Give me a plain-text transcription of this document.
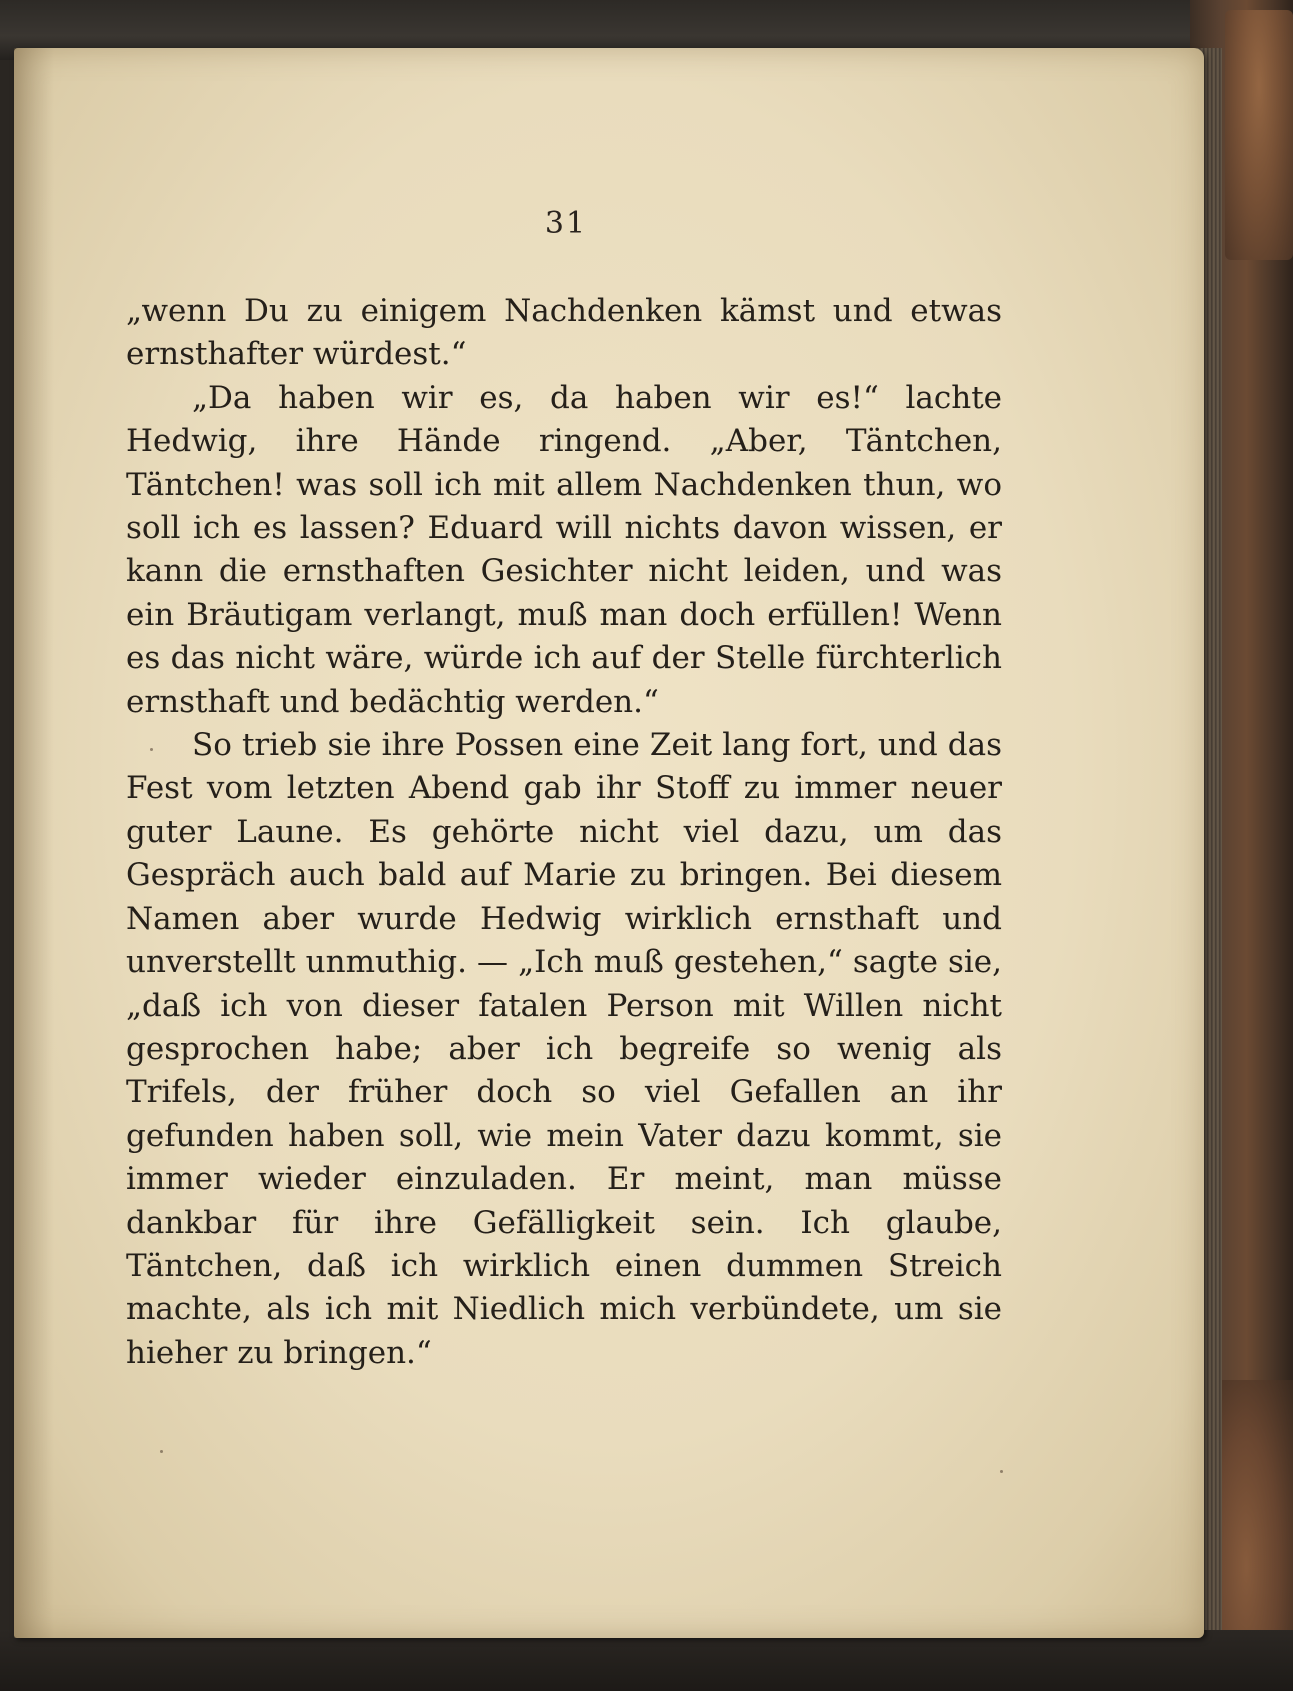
31

„wenn Du zu einigem Nachdenken kämst und etwas ernsthafter würdest.“

„Da haben wir es, da haben wir es!“ lachte Hedwig, ihre Hände ringend. „Aber, Täntchen, Täntchen! was soll ich mit allem Nachdenken thun, wo soll ich es lassen? Eduard will nichts davon wissen, er kann die ernsthaften Gesichter nicht leiden, und was ein Bräutigam verlangt, muß man doch erfüllen! Wenn es das nicht wäre, würde ich auf der Stelle fürchterlich ernsthaft und bedächtig werden.“

So trieb sie ihre Possen eine Zeit lang fort, und das Fest vom letzten Abend gab ihr Stoff zu immer neuer guter Laune. Es gehörte nicht viel dazu, um das Gespräch auch bald auf Marie zu bringen. Bei diesem Namen aber wurde Hedwig wirklich ernsthaft und unverstellt unmuthig. — „Ich muß gestehen,“ sagte sie, „daß ich von dieser fatalen Person mit Willen nicht gesprochen habe; aber ich begreife so wenig als Trifels, der früher doch so viel Gefallen an ihr gefunden haben soll, wie mein Vater dazu kommt, sie immer wieder einzuladen. Er meint, man müsse dankbar für ihre Gefälligkeit sein. Ich glaube, Täntchen, daß ich wirklich einen dummen Streich machte, als ich mit Niedlich mich verbündete, um sie hieher zu bringen.“
